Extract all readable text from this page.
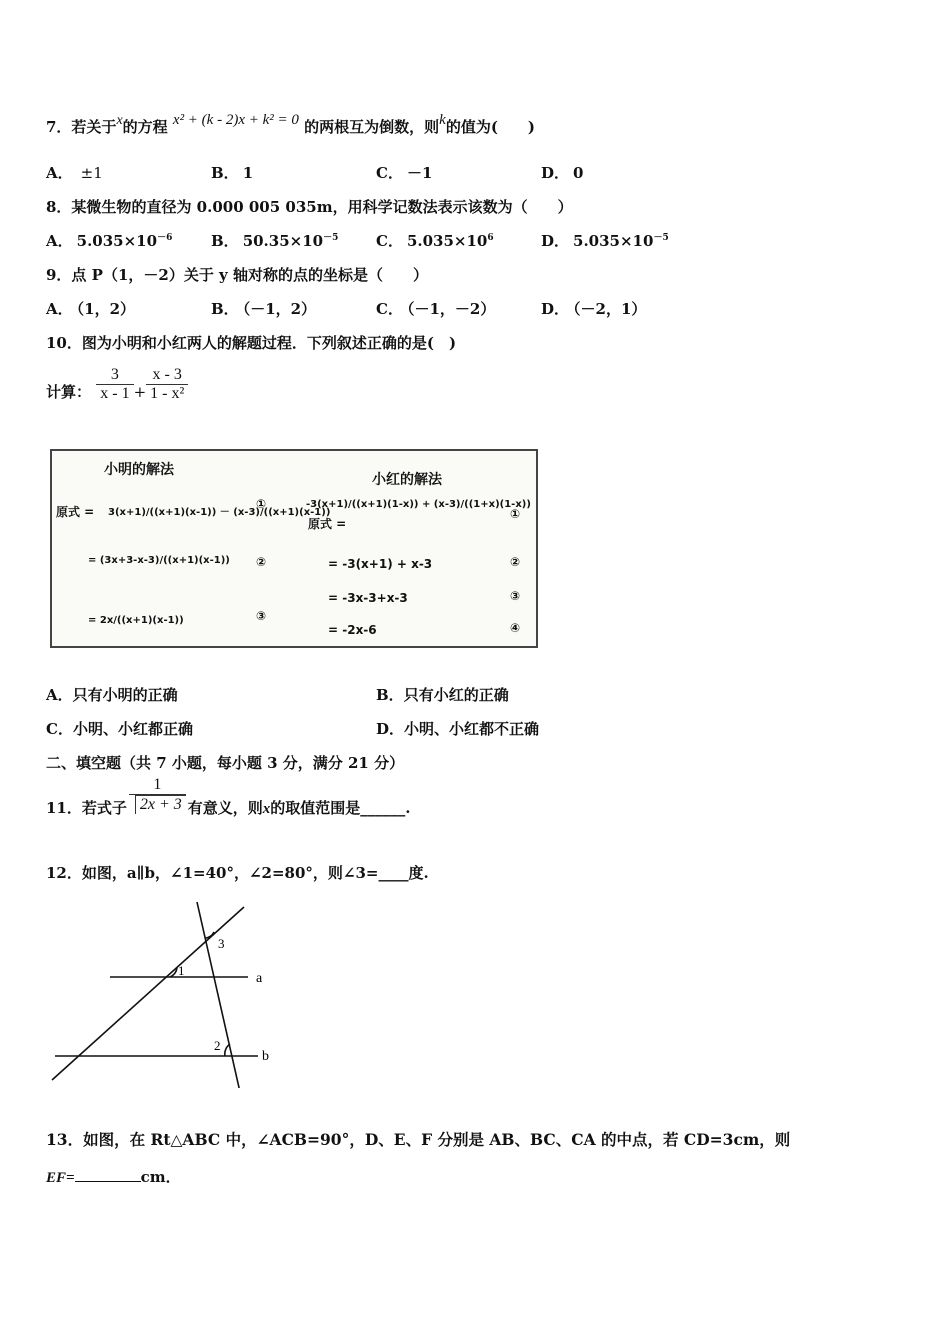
7．若关于x的方程 x² + (k - 2)x + k² = 0 的两根互为倒数，则k的值为(　　)
A． ±1	B． 1	C． －1	D． 0
8．某微生物的直径为 0.000 005 035m，用科学记数法表示该数为（　　）
A． $5.035\times 10^{-6}$	B． $50.35\times 10^{-5}$	C． $5.035\times 10^6$	D． $5.035\times 10^{-5}$
9．点 P（1，－2）关于 y 轴对称的点的坐标是（　　）
A． （1，2）	B． （－1，2）	C． （－1，－2）	D． （－2，1）
10．图为小明和小红两人的解题过程．下列叙述正确的是(　)
计算： $\frac{3}{x - 1} + \frac{x - 3}{\text{1 - x²}}$
小明的解法
原式 = 3(x+1)/((x+1)(x-1)) － (x-3)/((x+1)(x-1))
①
= (3x+3-x-3)/((x+1)(x-1)) ②
= 2x/((x+1)(x-1))	③
小红的解法
原式 =
-3(x+1)/((x+1)(1-x)) + (x-3)/((1+x)(1-x))
①
= -3(x+1) + x-3	②
= -3x-3+x-3	③
= -2x-6	④
A．只有小明的正确	B．只有小红的正确
C．小明、小红都正确	D．小明、小红都不正确
二、填空题（共 7 小题，每小题 3 分，满分 21 分）
11．若式子 $\frac{1}{2x + 3}$ 有意义，则x的取值范围是______.
12．如图，a∥b，∠1=40°，∠2=80°，则∠3=____度.
1
3
2
a
b
13．如图，在 Rt△ABC 中，∠ACB=90°，D、E、F 分别是 AB、BC、CA 的中点，若 CD=3cm，则
EF=	cm．
